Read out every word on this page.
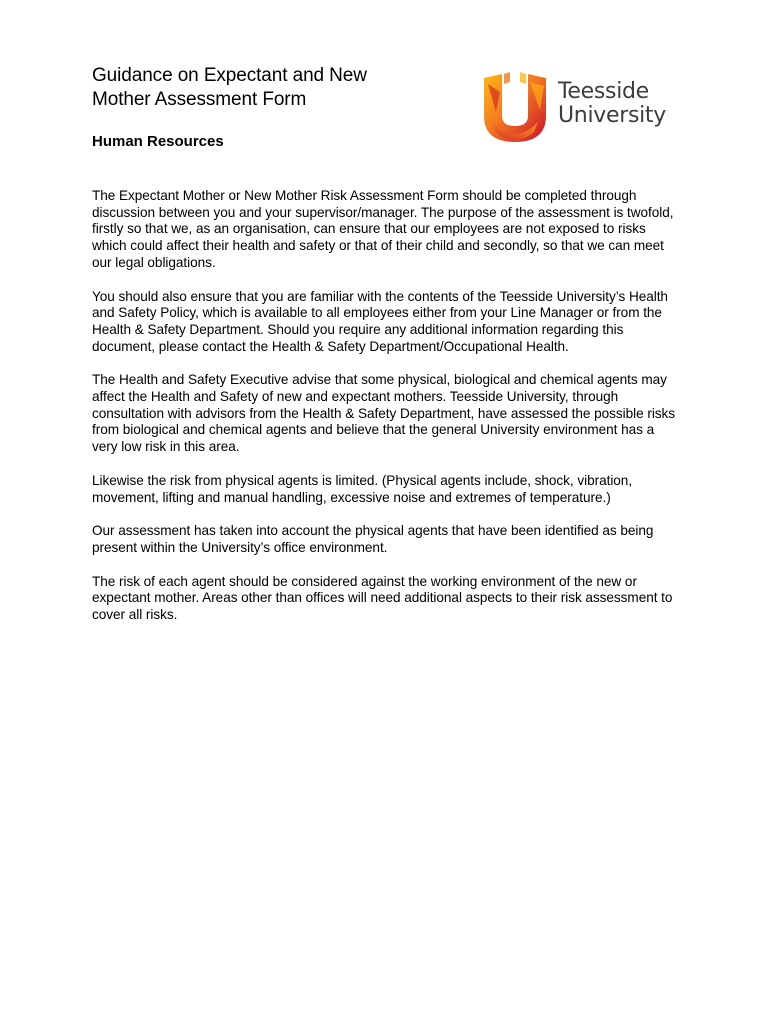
Guidance on Expectant and New
Mother Assessment Form
Human Resources
Teesside
University

The Expectant Mother or New Mother Risk Assessment Form should be completed through discussion between you and your supervisor/manager. The purpose of the assessment is twofold, firstly so that we, as an organisation, can ensure that our employees are not exposed to risks which could affect their health and safety or that of their child and secondly, so that we can meet our legal obligations.

You should also ensure that you are familiar with the contents of the Teesside University’s Health and Safety Policy, which is available to all employees either from your Line Manager or from the Health & Safety Department. Should you require any additional information regarding this document, please contact the Health & Safety Department/Occupational Health.

The Health and Safety Executive advise that some physical, biological and chemical agents may affect the Health and Safety of new and expectant mothers. Teesside University, through consultation with advisors from the Health & Safety Department, have assessed the possible risks from biological and chemical agents and believe that the general University environment has a very low risk in this area.

Likewise the risk from physical agents is limited. (Physical agents include, shock, vibration, movement, lifting and manual handling, excessive noise and extremes of temperature.)

Our assessment has taken into account the physical agents that have been identified as being present within the University’s office environment.

The risk of each agent should be considered against the working environment of the new or expectant mother. Areas other than offices will need additional aspects to their risk assessment to cover all risks.
